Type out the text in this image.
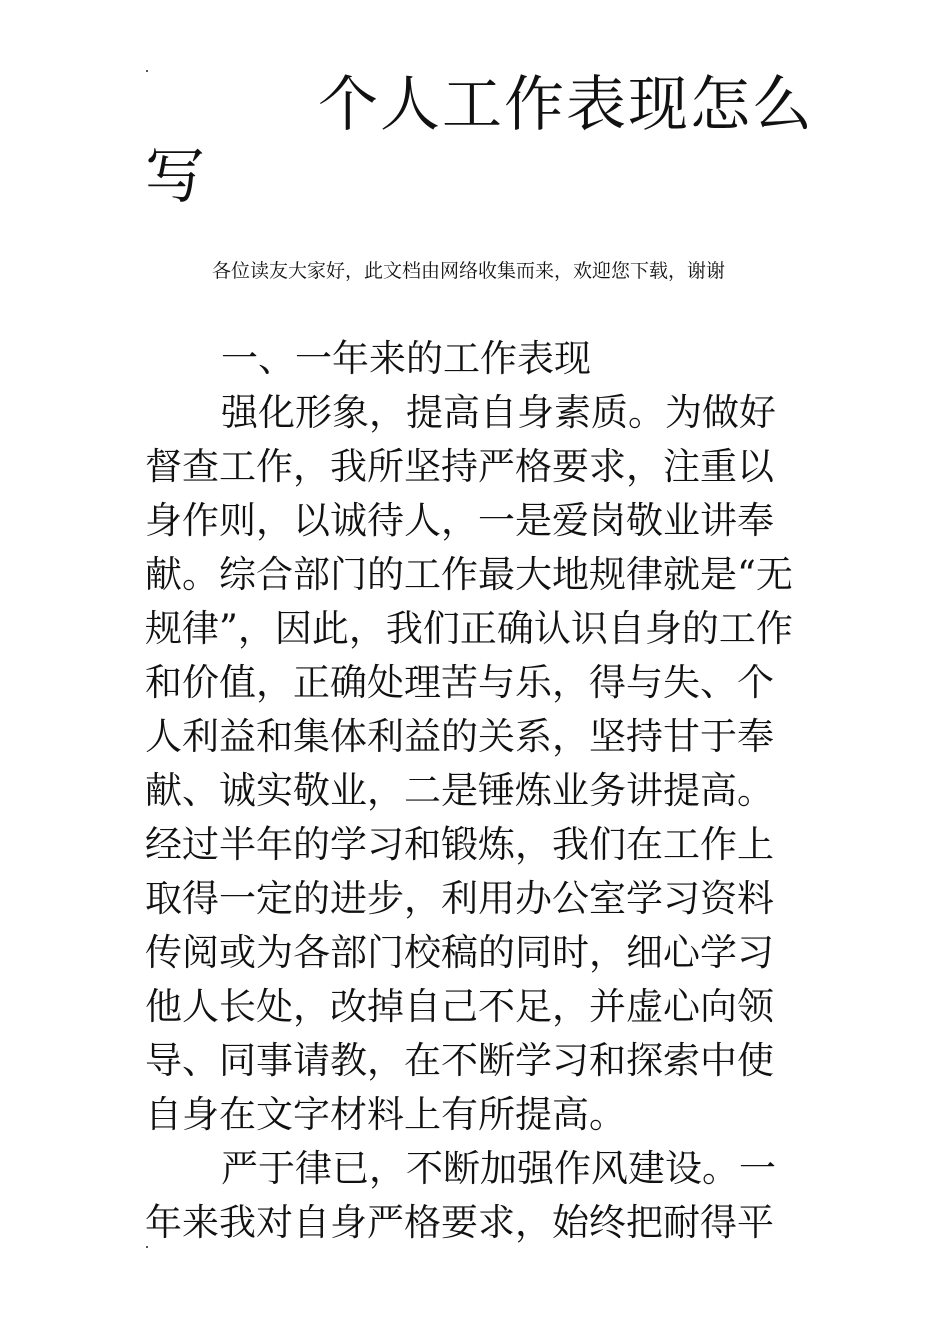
个人工作表现怎么
写
各位读友大家好，此文档由网络收集而来，欢迎您下载，谢谢
一、一年来的工作表现
强化形象，提高自身素质。为做好
督查工作，我所坚持严格要求，注重以
身作则，以诚待人，一是爱岗敬业讲奉
献。综合部门的工作最大地规律就是“无
规律”，因此，我们正确认识自身的工作
和价值，正确处理苦与乐，得与失、个
人利益和集体利益的关系，坚持甘于奉
献、诚实敬业，二是锤炼业务讲提高。
经过半年的学习和锻炼，我们在工作上
取得一定的进步，利用办公室学习资料
传阅或为各部门校稿的同时，细心学习
他人长处，改掉自己不足，并虚心向领
导、同事请教，在不断学习和探索中使
自身在文字材料上有所提高。
严于律已，不断加强作风建设。一
年来我对自身严格要求，始终把耐得平
